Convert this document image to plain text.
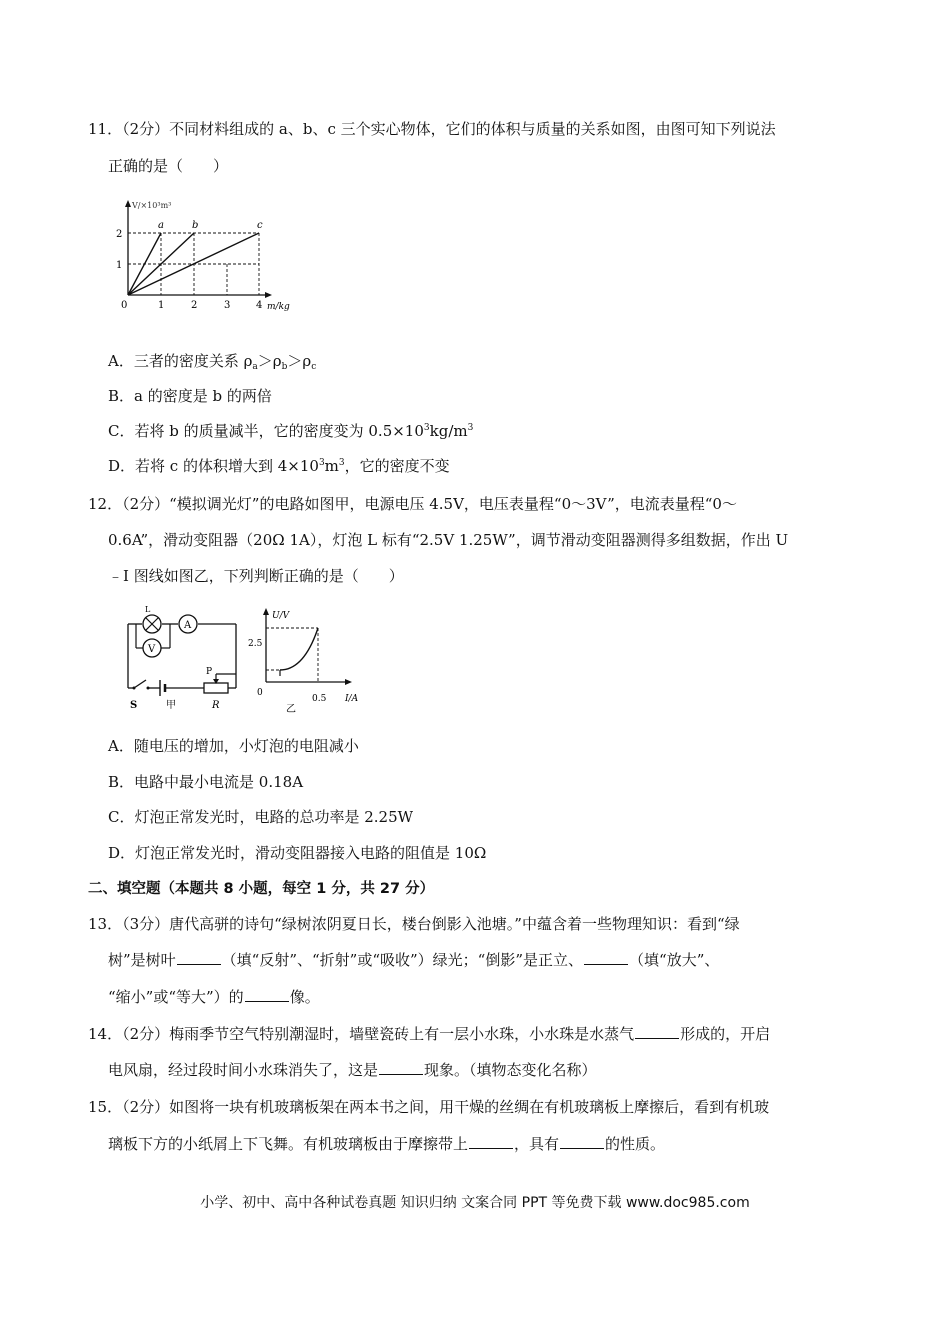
11．（2分）不同材料组成的 a、b、c 三个实心物体，它们的体积与质量的关系如图，由图可知下列说法
正确的是（　　）
V/×10³m³
a	b	c
2
1
0	1	2	3	4 m/kg
A．三者的密度关系 $\rho_a>\rho_b>\rho_c$
B．a 的密度是 b 的两倍
C．若将 b 的质量减半，它的密度变为 $0.5\times 10^3kg/m^3$
D．若将 c 的体积增大到 $4\times 10^3m^3$，它的密度不变
12．（2分）“模拟调光灯”的电路如图甲，电源电压 4.5V，电压表量程“0～3V”，电流表量程“0～
0.6A”，滑动变阻器（20Ω 1A），灯泡 L 标有“2.5V 1.25W”，调节滑动变阻器测得多组数据，作出 U
﹣I 图线如图乙，下列判断正确的是（　　）
L
A
V
P
S	甲	R
U/V
2.5
0
0.5 I/A
乙
A．随电压的增加，小灯泡的电阻减小
B．电路中最小电流是 0.18A
C．灯泡正常发光时，电路的总功率是 2.25W
D．灯泡正常发光时，滑动变阻器接入电路的阻值是 10Ω
二、填空题（本题共 8 小题，每空 1 分，共 27 分）
13．（3分）唐代高骈的诗句“绿树浓阴夏日长，楼台倒影入池塘。”中蕴含着一些物理知识：看到“绿
树”是树叶	（填“反射”、“折射”或“吸收”）绿光；“倒影”是正立、	（填“放大”、
“缩小”或“等大”）的	像。
14．（2分）梅雨季节空气特别潮湿时，墙壁瓷砖上有一层小水珠，小水珠是水蒸气	形成的，开启
电风扇，经过段时间小水珠消失了，这是	现象。（填物态变化名称）
15．（2分）如图将一块有机玻璃板架在两本书之间，用干燥的丝绸在有机玻璃板上摩擦后，看到有机玻
璃板下方的小纸屑上下飞舞。有机玻璃板由于摩擦带上	，具有	的性质。
小学、初中、高中各种试卷真题 知识归纳 文案合同 PPT 等免费下载 www.doc985.com
